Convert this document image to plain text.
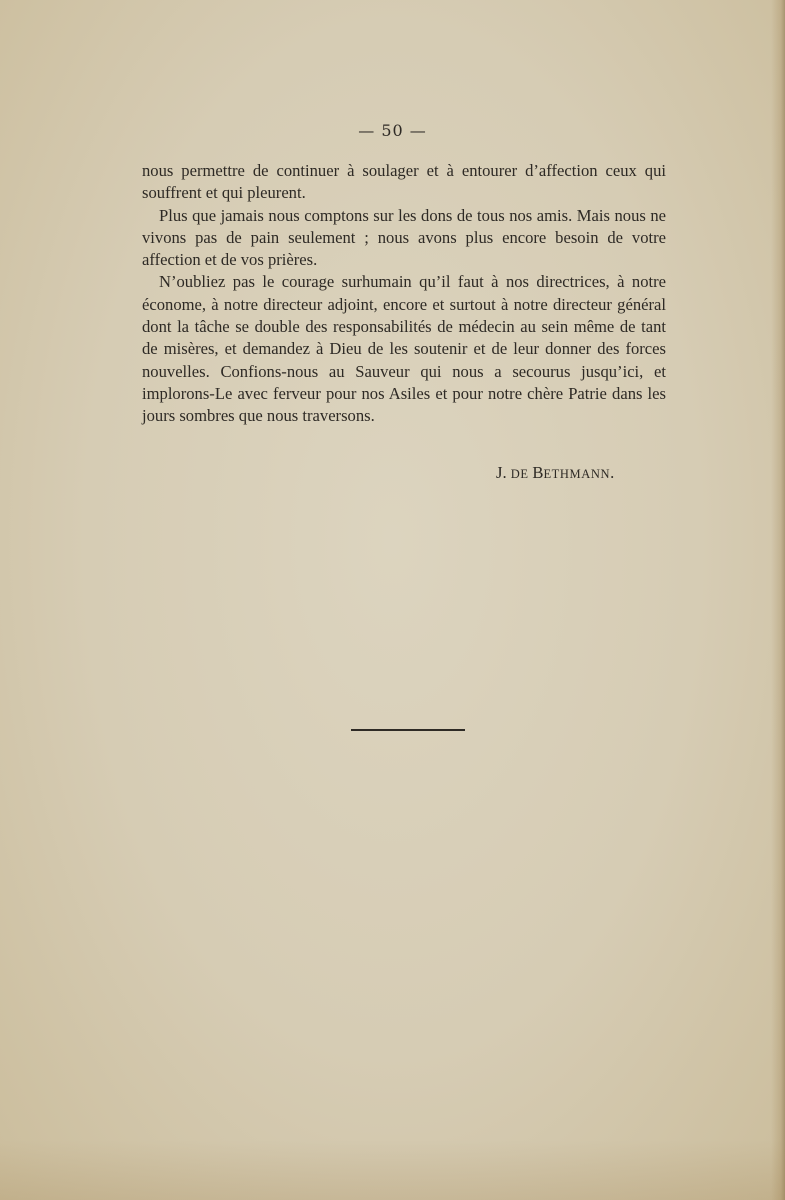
— 50 —

nous permettre de continuer à soulager et à entourer d’affection ceux qui souffrent et qui pleurent.

Plus que jamais nous comptons sur les dons de tous nos amis. Mais nous ne vivons pas de pain seulement ; nous avons plus encore besoin de votre affection et de vos prières.

N’oubliez pas le courage surhumain qu’il faut à nos directrices, à notre économe, à notre directeur adjoint, encore et surtout à notre directeur général dont la tâche se double des responsabilités de médecin au sein même de tant de misères, et demandez à Dieu de les soutenir et de leur donner des forces nouvelles. Confions-nous au Sauveur qui nous a secourus jusqu’ici, et implorons-Le avec ferveur pour nos Asiles et pour notre chère Patrie dans les jours sombres que nous traversons.

J. DE BETHMANN.
